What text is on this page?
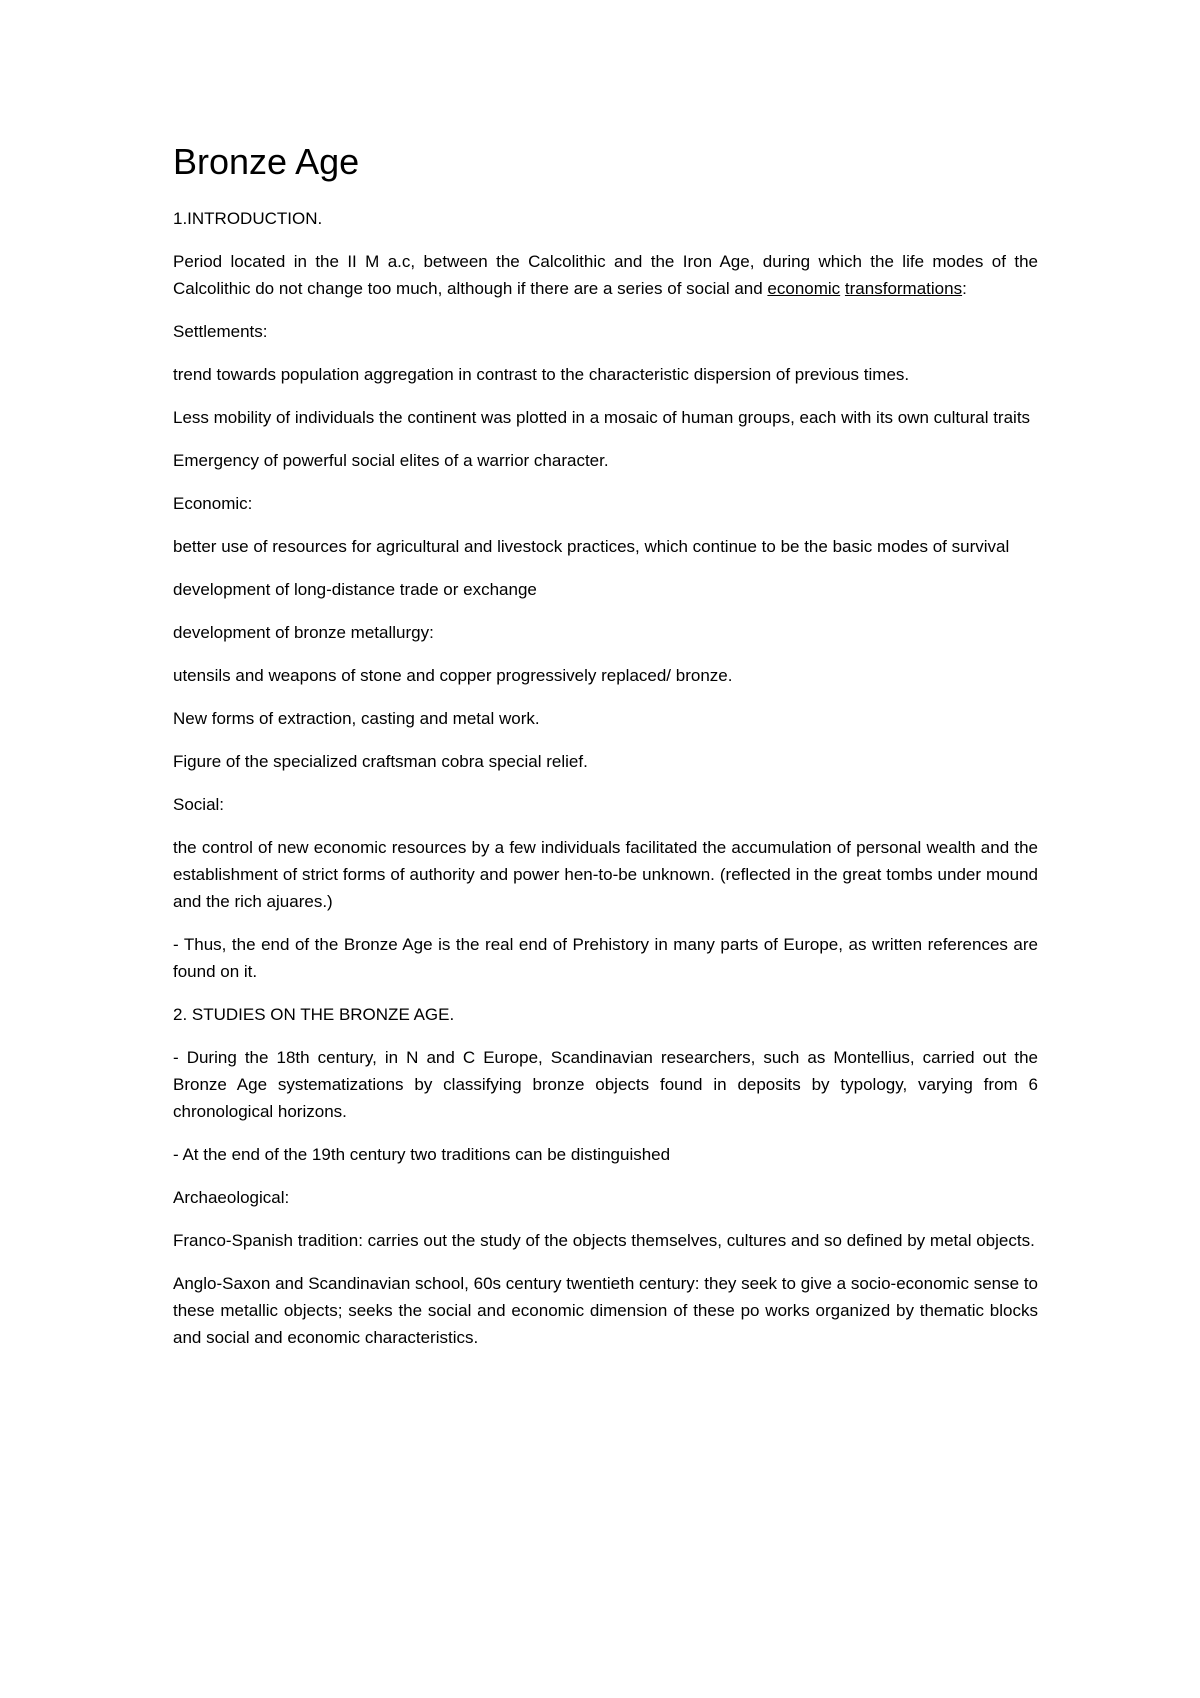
Bronze Age

1.INTRODUCTION.

Period located in the II M a.c, between the Calcolithic and the Iron Age, during which the life modes of the Calcolithic do not change too much, although if there are a series of social and economic transformations:

Settlements:

trend towards population aggregation in contrast to the characteristic dispersion of previous times.

Less mobility of individuals the continent was plotted in a mosaic of human groups, each with its own cultural traits

Emergency of powerful social elites of a warrior character.

Economic:

better use of resources for agricultural and livestock practices, which continue to be the basic modes of survival

development of long-distance trade or exchange

development of bronze metallurgy:

utensils and weapons of stone and copper progressively replaced/ bronze.

New forms of extraction, casting and metal work.

Figure of the specialized craftsman cobra special relief.

Social:

the control of new economic resources by a few individuals facilitated the accumulation of personal wealth and the establishment of strict forms of authority and power hen-to-be unknown. (reflected in the great tombs under mound and the rich ajuares.)

- Thus, the end of the Bronze Age is the real end of Prehistory in many parts of Europe, as written references are found on it.

2. STUDIES ON THE BRONZE AGE.

- During the 18th century, in N and C Europe, Scandinavian researchers, such as Montellius, carried out the Bronze Age systematizations by classifying bronze objects found in deposits by typology, varying from 6 chronological horizons.

- At the end of the 19th century two traditions can be distinguished

Archaeological:

Franco-Spanish tradition: carries out the study of the objects themselves, cultures and so defined by metal objects.

Anglo-Saxon and Scandinavian school, 60s century twentieth century: they seek to give a socio-economic sense to these metallic objects; seeks the social and economic dimension of these po works organized by thematic blocks and social and economic characteristics.
